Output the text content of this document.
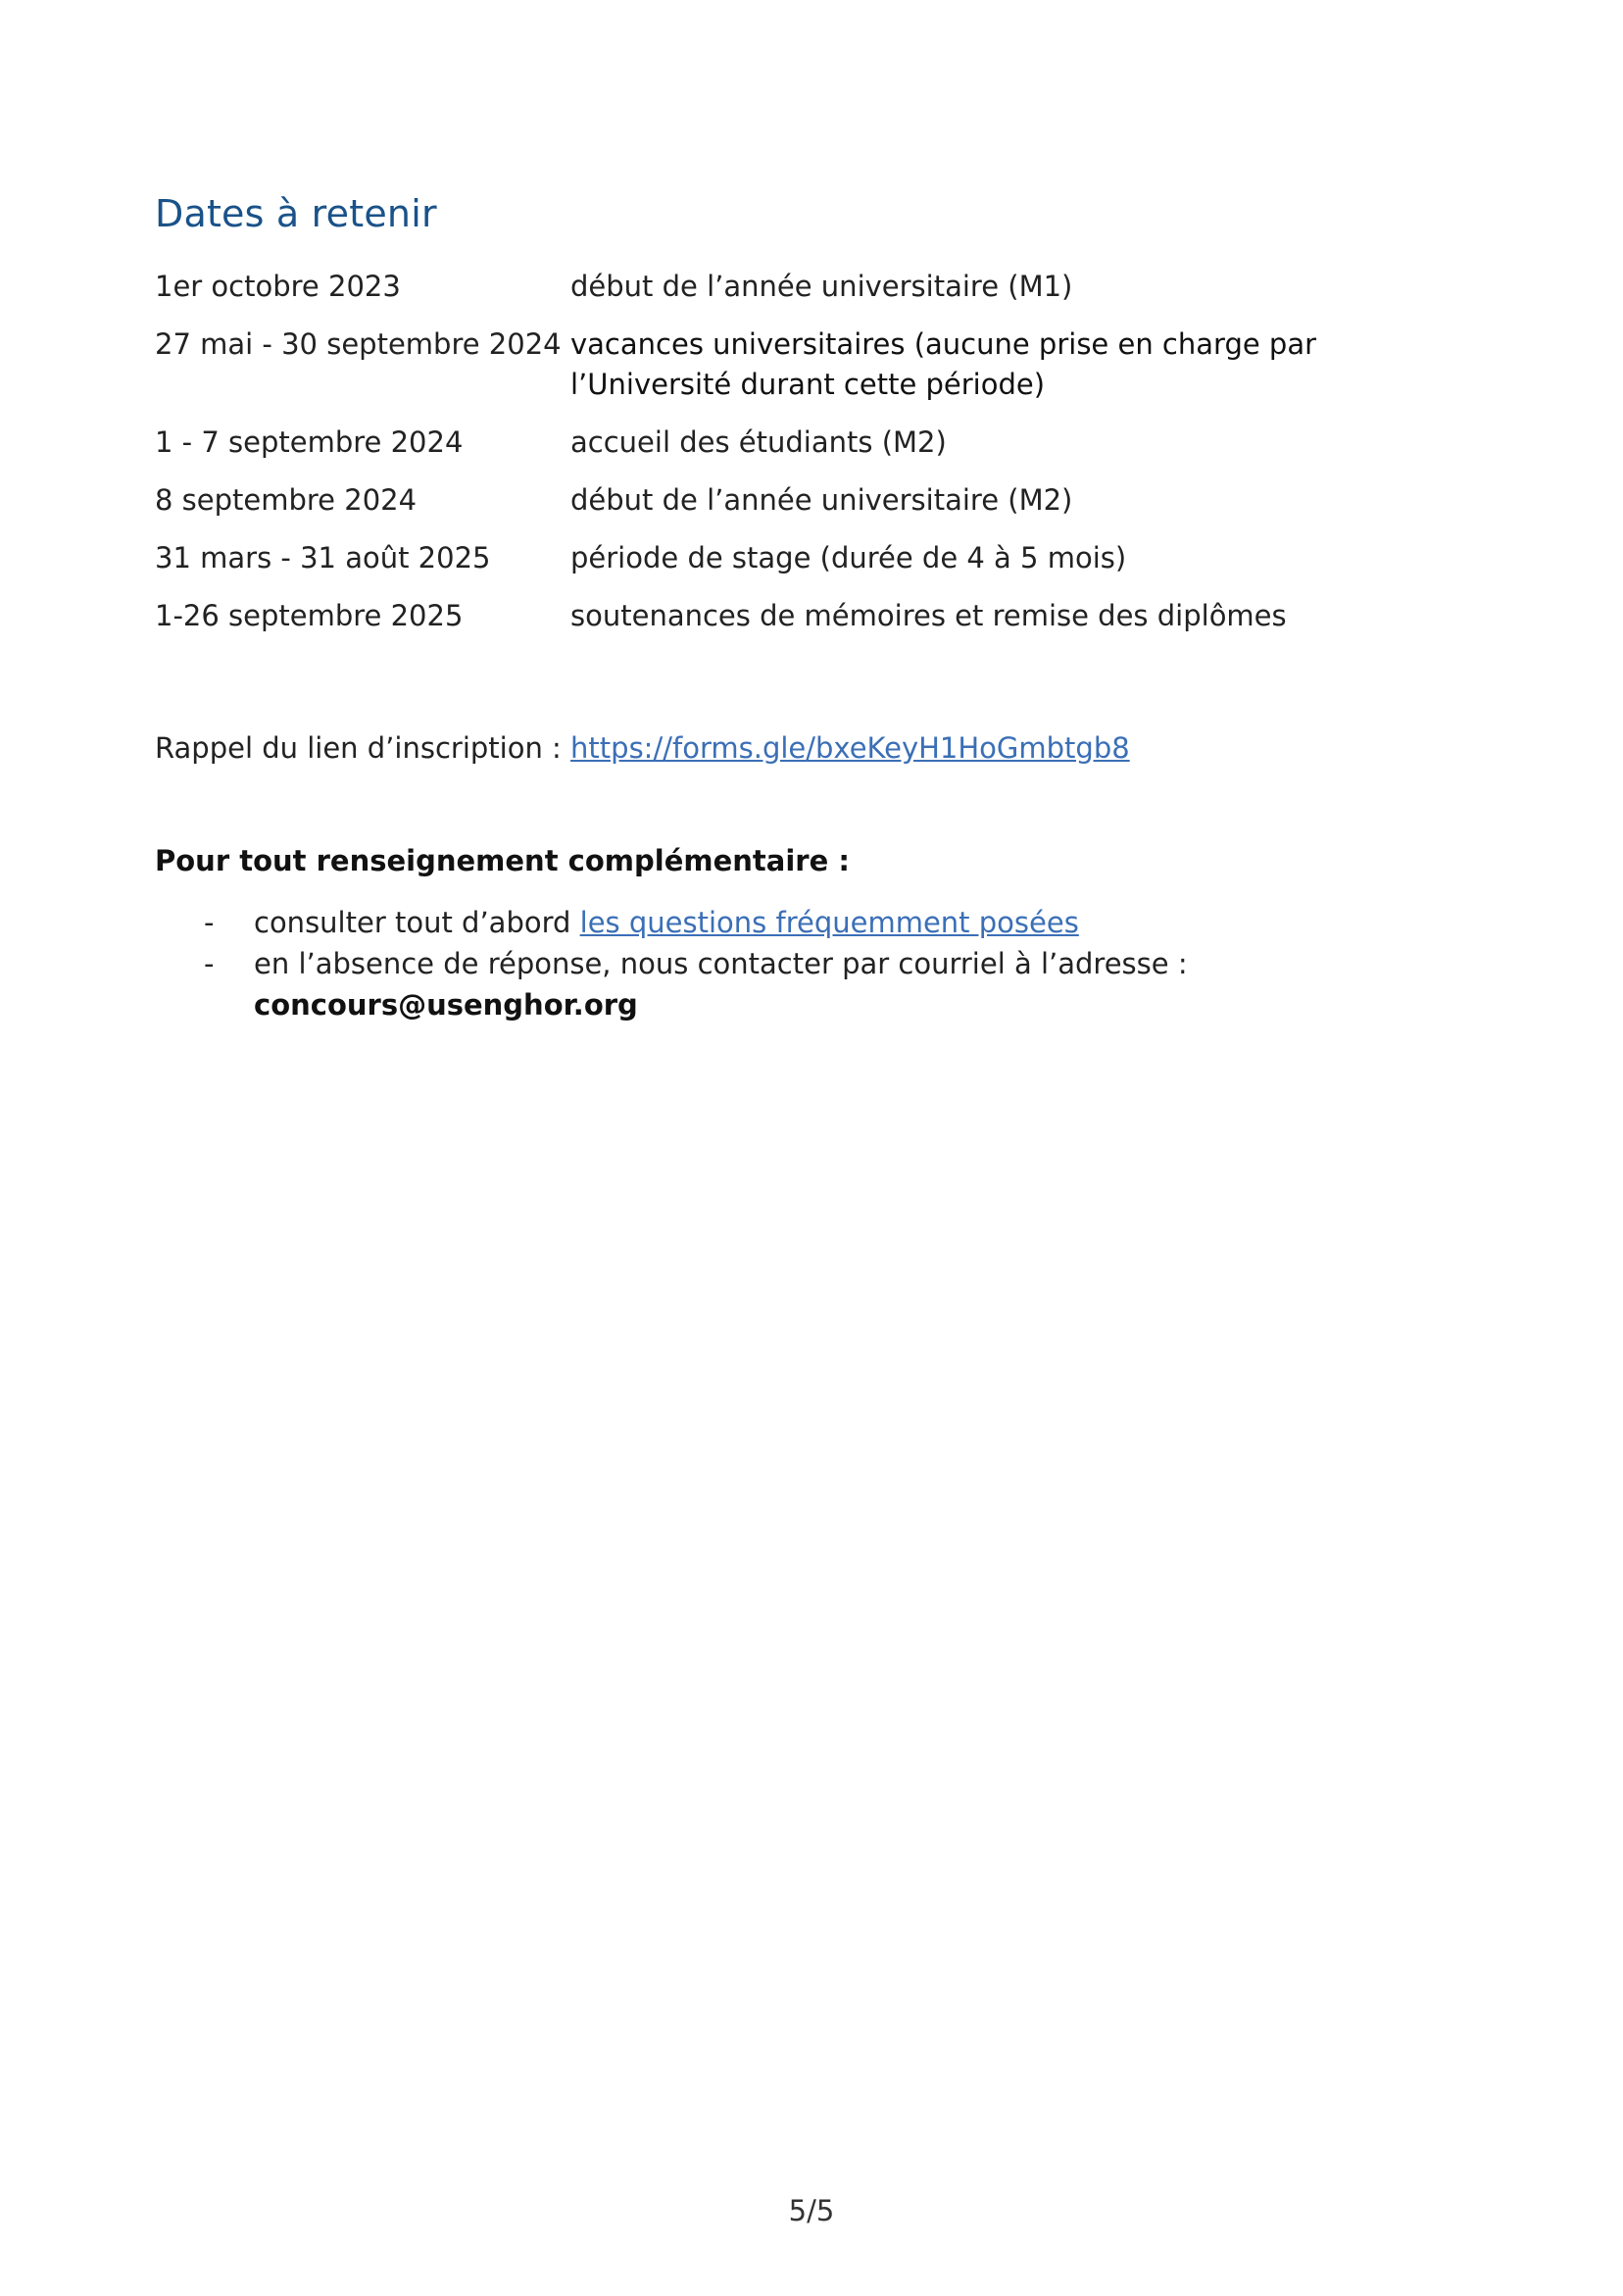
Dates à retenir
1er octobre 2023	début de l’année universitaire (M1)
27 mai - 30 septembre 2024 vacances universitaires (aucune prise en charge par l’Université durant cette période)
1 - 7 septembre 2024	accueil des étudiants (M2)
8 septembre 2024	début de l’année universitaire (M2)
31 mars - 31 août 2025	période de stage (durée de 4 à 5 mois)
1-26 septembre 2025	soutenances de mémoires et remise des diplômes
Rappel du lien d’inscription : https://forms.gle/bxeKeyH1HoGmbtgb8
Pour tout renseignement complémentaire :
- consulter tout d’abord les questions fréquemment posées
- en l’absence de réponse, nous contacter par courriel à l’adresse : concours@usenghor.org
5/5
